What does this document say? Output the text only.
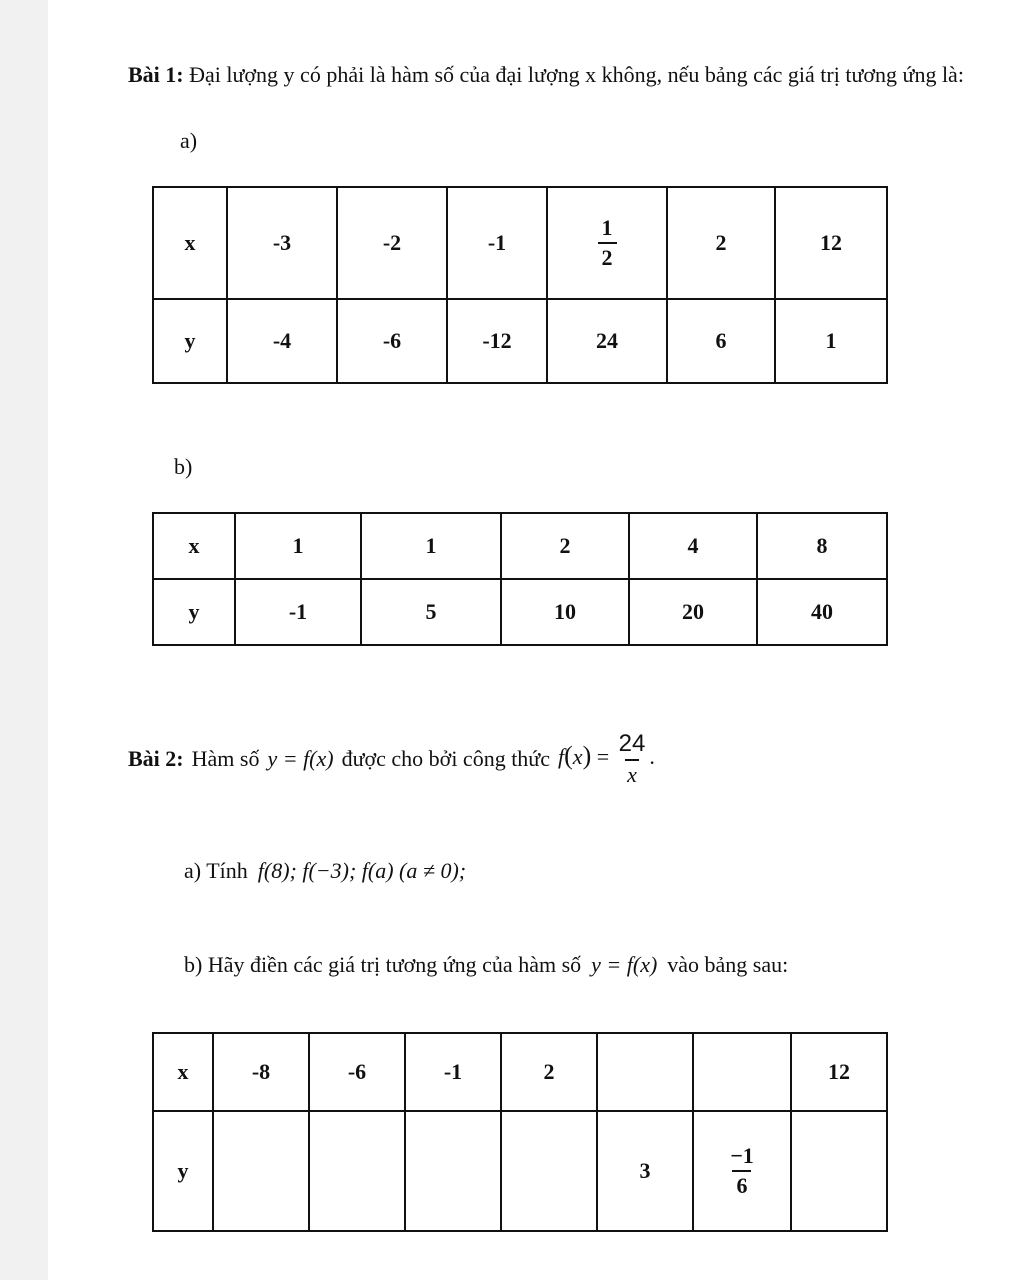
Bài 1: Đại lượng y có phải là hàm số của đại lượng x không, nếu bảng các giá trị tương ứng là:
a)
x	-3	-2	-1	$\frac{1}{2}$	2	12
y	-4	-6	-12	24	6	1
b)
x	1	1	2	4	8
y	-1	5	10	20	40
Bài 2: Hàm số y = f(x) được cho bởi công thức $f(x) = \frac{24}{x}$ .
a) Tính f(8); f(−3); f(a) (a ≠ 0);
b) Hãy điền các giá trị tương ứng của hàm số y = f(x) vào bảng sau:
x	-8	-6	-1	2			12
y					3	$\frac{-1}{6}$
